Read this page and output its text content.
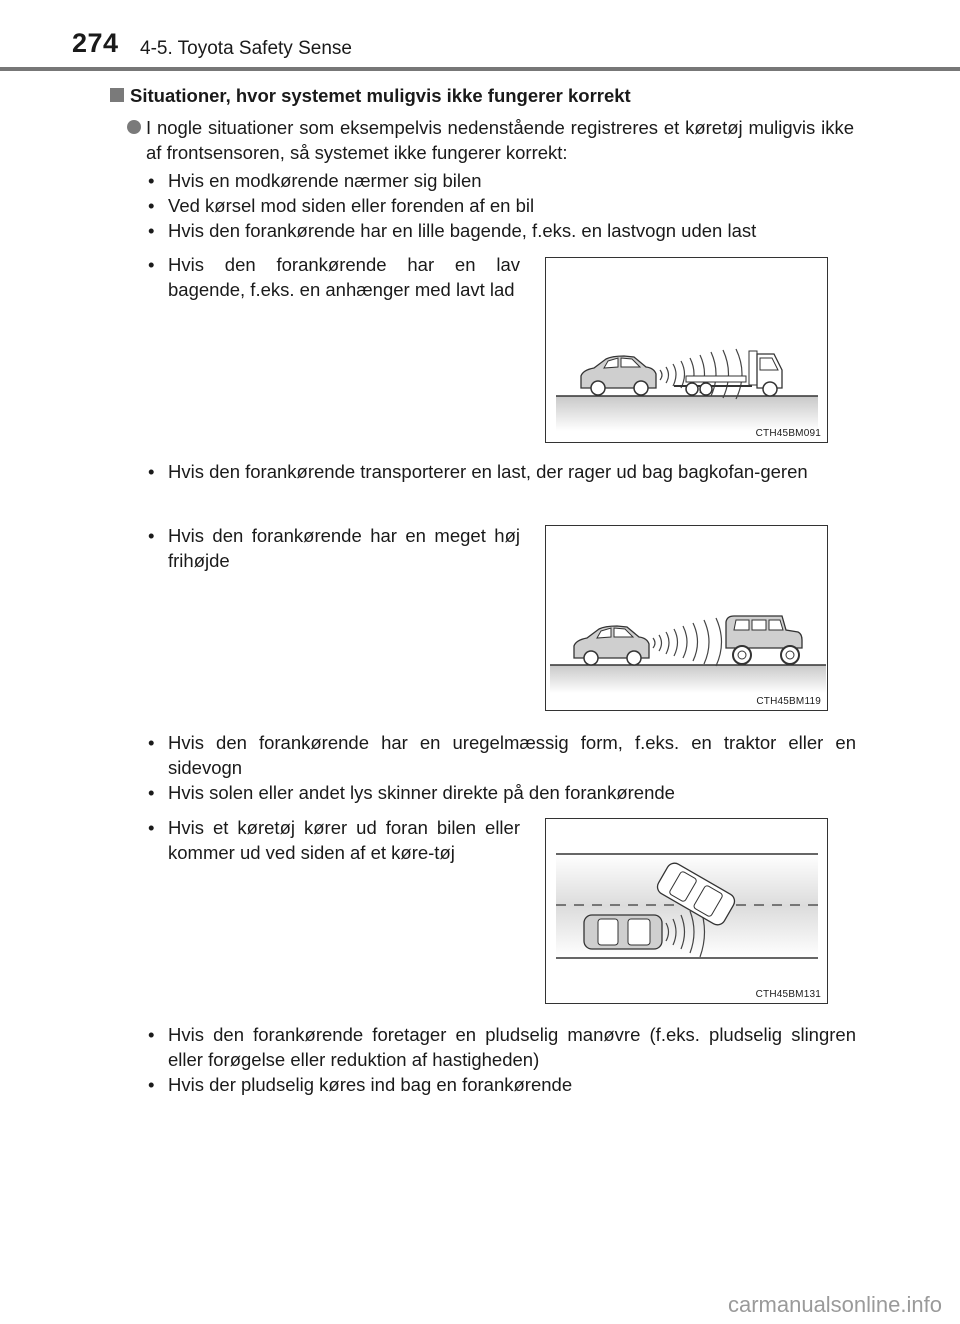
274 4-5. Toyota Safety Sense
Situationer, hvor systemet muligvis ikke fungerer korrekt
I nogle situationer som eksempelvis nedenstående registreres et køretøj muligvis ikke af frontsensoren, så systemet ikke fungerer korrekt:
• Hvis en modkørende nærmer sig bilen
• Ved kørsel mod siden eller forenden af en bil
• Hvis den forankørende har en lille bagende, f.eks. en lastvogn uden last
• Hvis den forankørende har en lav bagende, f.eks. en anhænger med lavt lad
• Hvis den forankørende transporterer en last, der rager ud bag bagkofan-geren
• Hvis den forankørende har en meget høj frihøjde
• Hvis den forankørende har en uregelmæssig form, f.eks. en traktor eller en sidevogn
• Hvis solen eller andet lys skinner direkte på den forankørende
• Hvis et køretøj kører ud foran bilen eller kommer ud ved siden af et køre-tøj
• Hvis den forankørende foretager en pludselig manøvre (f.eks. pludselig slingren eller forøgelse eller reduktion af hastigheden)
• Hvis der pludselig køres ind bag en forankørende
CTH45BM091
CTH45BM119
CTH45BM131
carmanualsonline.info
